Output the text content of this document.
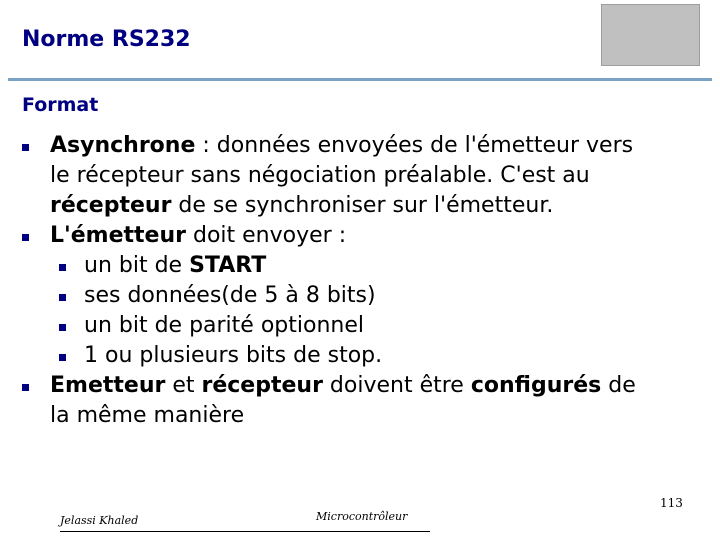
Norme RS232
Format
Asynchrone : données envoyées de l'émetteur vers
le récepteur sans négociation préalable. C'est au
récepteur de se synchroniser sur l'émetteur.
L'émetteur doit envoyer :
un bit de START
ses données(de 5 à 8 bits)
un bit de parité optionnel
1 ou plusieurs bits de stop.
Emetteur et récepteur doivent être configurés de
la même manière
113
Jelassi Khaled	Microcontrôleur
